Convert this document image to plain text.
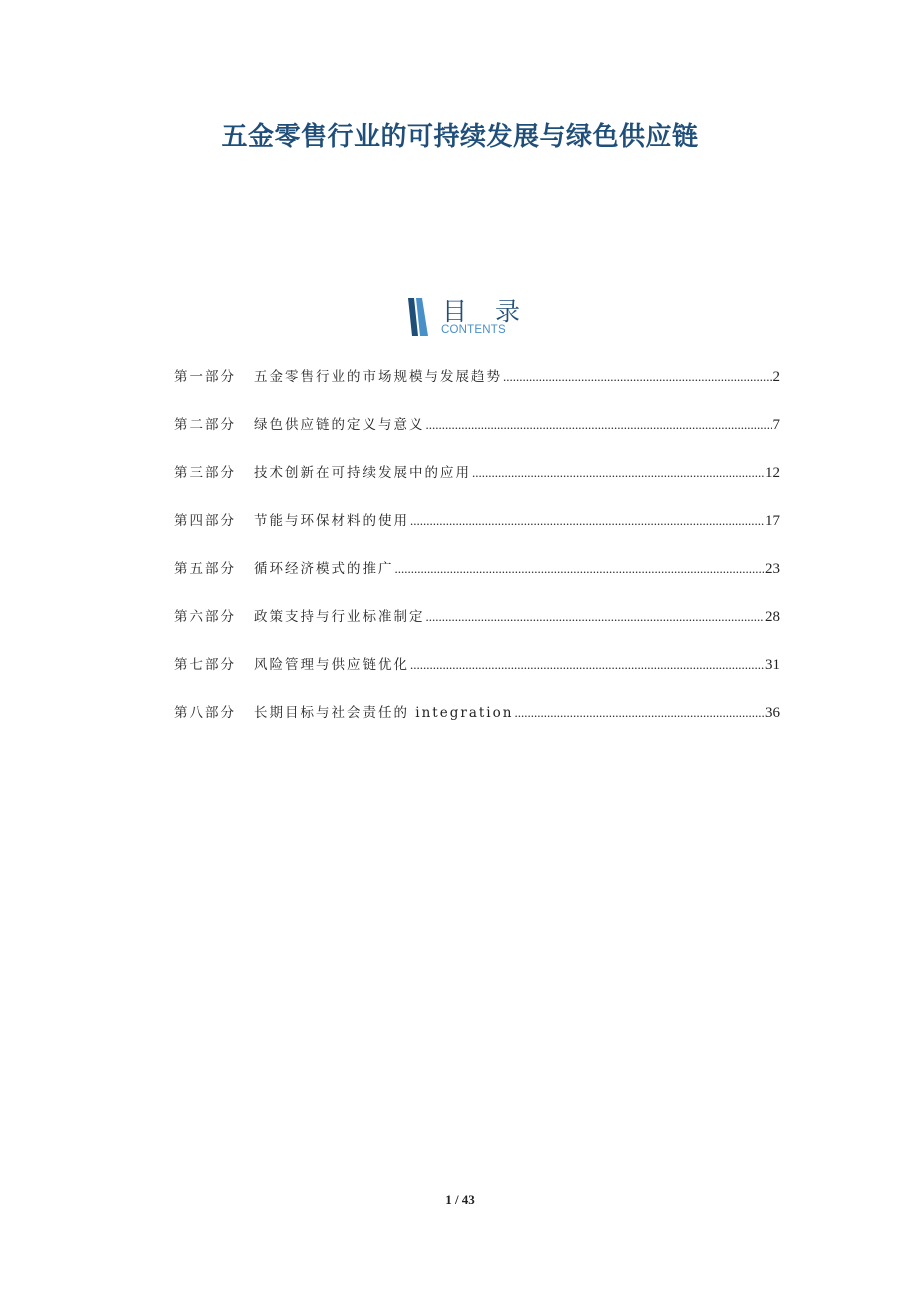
五金零售行业的可持续发展与绿色供应链
目 录
CONTENTS
第一部分	五金零售行业的市场规模与发展趋势 .....	2
第二部分	绿色供应链的定义与意义 .....	7
第三部分	技术创新在可持续发展中的应用 .....	12
第四部分	节能与环保材料的使用 .....	17
第五部分	循环经济模式的推广 .....	23
第六部分	政策支持与行业标准制定 .....	28
第七部分	风险管理与供应链优化 .....	31
第八部分	长期目标与社会责任的 integration .....	36
1 / 43
